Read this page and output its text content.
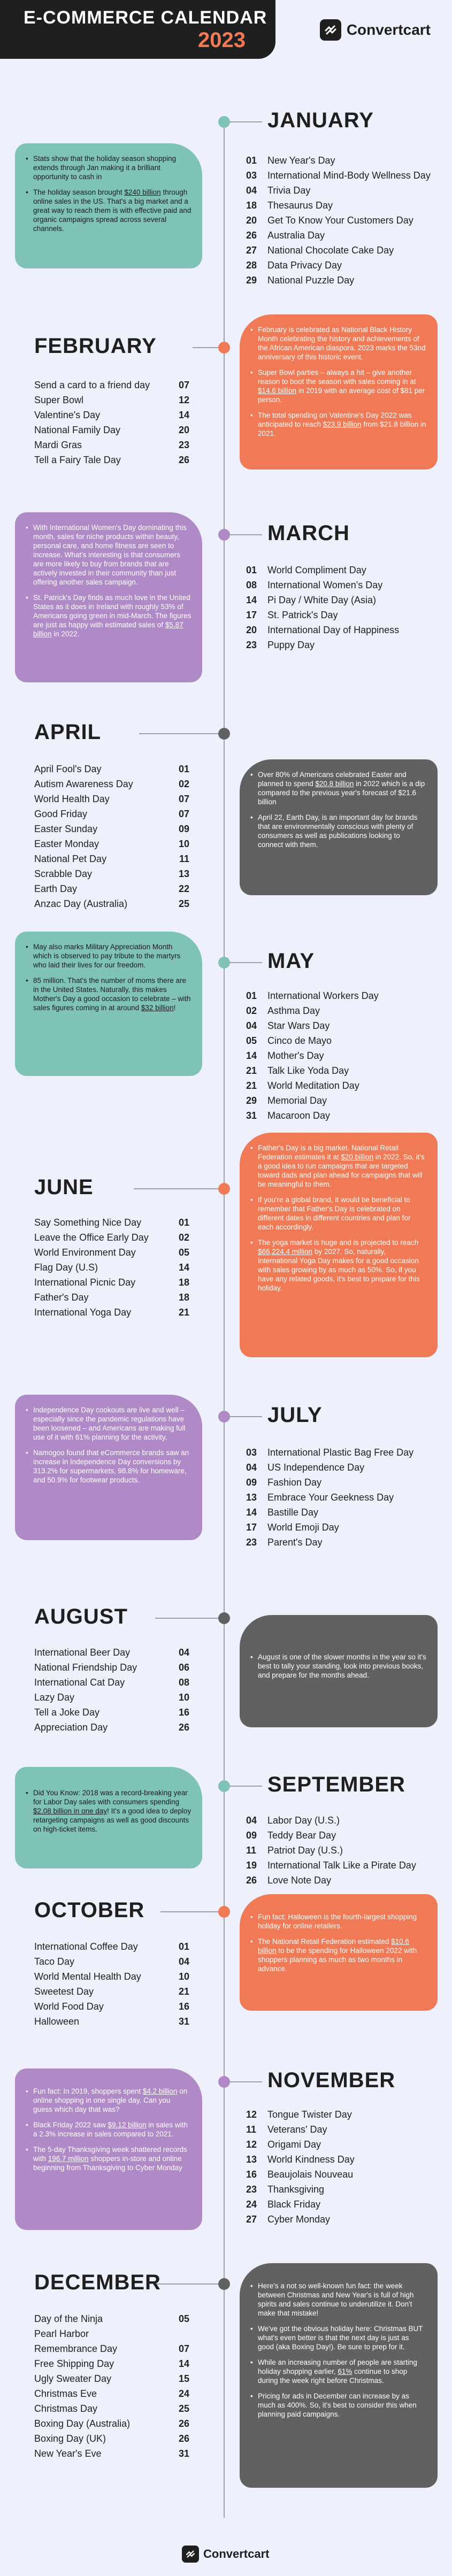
E-COMMERCE CALENDAR
2023	Convertcart
JANUARY
01	New Year's Day
03	International Mind-Body Wellness Day
04	Trivia Day
18	Thesaurus Day
20	Get To Know Your Customers Day
26	Australia Day
27	National Chocolate Cake Day
28	Data Privacy Day
29	National Puzzle Day

• Stats show that the holiday season shopping extends through Jan making it a brilliant opportunity to cash in

• The holiday season brought $240 billion through online sales in the US. That's a big market and a great way to reach them is with effective paid and organic campaigns spread across several channels.

FEBRUARY
Send a card to a friend day	07
Super Bowl	12
Valentine's Day	14
National Family Day	20
Mardi Gras	23
Tell a Fairy Tale Day	26

• February is celebrated as National Black History Month celebrating the history and achievements of the African American diaspora. 2023 marks the 53nd anniversary of this historic event.

• Super Bowl parties – always a hit – give another reason to boot the season with sales coming in at $14.6 billion in 2019 with an average cost of $81 per person.

• The total spending on Valentine's Day 2022 was anticipated to reach $23.9 billion from $21.8 billion in 2021.

MARCH
01	World Compliment Day
08	International Women's Day
14	Pi Day / White Day (Asia)
17	St. Patrick's Day
20	International Day of Happiness
23	Puppy Day

• With International Women's Day dominating this month, sales for niche products within beauty, personal care, and home fitness are seen to increase. What's interesting is that consumers are more likely to buy from brands that are actively invested in their community than just offering another sales campaign.

• St. Patrick's Day finds as much love in the United States as it does in Ireland with roughly 53% of Americans going green in mid-March. The figures are just as happy with estimated sales of $5.87 billion in 2022.

APRIL
April Fool's Day	01
Autism Awareness Day	02
World Health Day	07
Good Friday	07
Easter Sunday	09
Easter Monday	10
National Pet Day	11
Scrabble Day	13
Earth Day	22
Anzac Day (Australia)	25

• Over 80% of Americans celebrated Easter and planned to spend $20.8 billion in 2022 which is a dip compared to the previous year's forecast of $21.6 billion

• April 22, Earth Day, is an important day for brands that are environmentally conscious with plenty of consumers as well as publications looking to connect with them.

MAY
01	International Workers Day
02	Asthma Day
04	Star Wars Day
05	Cinco de Mayo
14	Mother's Day
21	Talk Like Yoda Day
21	World Meditation Day
29	Memorial Day
31	Macaroon Day

• May also marks Military Appreciation Month which is observed to pay tribute to the martyrs who laid their lives for our freedom.

• 85 million. That's the number of moms there are in the United States. Naturally, this makes Mother's Day a good occasion to celebrate – with sales figures coming in at around $32 billion!

JUNE
Say Something Nice Day	01
Leave the Office Early Day	02
World Environment Day	05
Flag Day (U.S)	14
International Picnic Day	18
Father's Day	18
International Yoga Day	21

• Father's Day is a big market. National Retail Federation estimates it at $20 billion in 2022. So, it's a good idea to run campaigns that are targeted toward dads and plan ahead for campaigns that will be meaningful to them.

• If you're a global brand, it would be beneficial to remember that Father's Day is celebrated on different dates in different countries and plan for each accordingly.

• The yoga market is huge and is projected to reach $66,224.4 million by 2027. So, naturally, International Yoga Day makes for a good occasion with sales growing by as much as 50%. So, if you have any related goods, it's best to prepare for this holiday.

JULY
03	International Plastic Bag Free Day
04	US Independence Day
09	Fashion Day
13	Embrace Your Geekness Day
14	Bastille Day
17	World Emoji Day
23	Parent's Day

• Independence Day cookouts are live and well – especially since the pandemic regulations have been loosened – and Americans are making full use of it with 61% planning for the activity.

• Namogoo found that eCommerce brands saw an increase in Independence Day conversions by 313.2% for supermarkets, 98.8% for homeware, and 50.9% for footwear products.

AUGUST
International Beer Day	04
National Friendship Day	06
International Cat Day	08
Lazy Day	10
Tell a Joke Day	16
Appreciation Day	26

• August is one of the slower months in the year so it's best to tally your standing, look into previous books, and prepare for the months ahead.

SEPTEMBER
04	Labor Day (U.S.)
09	Teddy Bear Day
11	Patriot Day (U.S.)
19	International Talk Like a Pirate Day
26	Love Note Day

• Did You Know: 2018 was a record-breaking year for Labor Day sales with consumers spending $2.08 billion in one day! It's a good idea to deploy retargeting campaigns as well as good discounts on high-ticket items.

OCTOBER
International Coffee Day	01
Taco Day	04
World Mental Health Day	10
Sweetest Day	21
World Food Day	16
Halloween	31

• Fun fact: Halloween is the fourth-largest shopping holiday for online retailers.

• The National Retail Federation estimated $10.6 billion to be the spending for Halloween 2022 with shoppers planning as much as two months in advance.

NOVEMBER
12	Tongue Twister Day
11	Veterans' Day
12	Origami Day
13	World Kindness Day
16	Beaujolais Nouveau
23	Thanksgiving
24	Black Friday
27	Cyber Monday

• Fun fact: In 2019, shoppers spent $4.2 billion on online shopping in one single day. Can you guess which day that was?

• Black Friday 2022 saw $9.12 billion in sales with a 2.3% increase in sales compared to 2021.

• The 5-day Thanksgiving week shattered records with 196.7 million shoppers in-store and online beginning from Thanksgiving to Cyber Monday

DECEMBER
Day of the Ninja	05
Pearl Harbor Remembrance Day	07
Free Shipping Day	14
Ugly Sweater Day	15
Christmas Eve	24
Christmas Day	25
Boxing Day (Australia)	26
Boxing Day (UK)	26
New Year's Eve	31

• Here's a not so well-known fun fact: the week between Christmas and New Year's is full of high spirits and sales continue to underutilize it. Don't make that mistake!

• We've got the obvious holiday here: Christmas BUT what's even better is that the next day is just as good (aka Boxing Day!). Be sure to prep for it.

• While an increasing number of people are starting holiday shopping earlier, 61% continue to shop during the week right before Christmas.

• Pricing for ads in December can increase by as much as 400%. So, it's best to consider this when planning paid campaigns.

Convertcart
